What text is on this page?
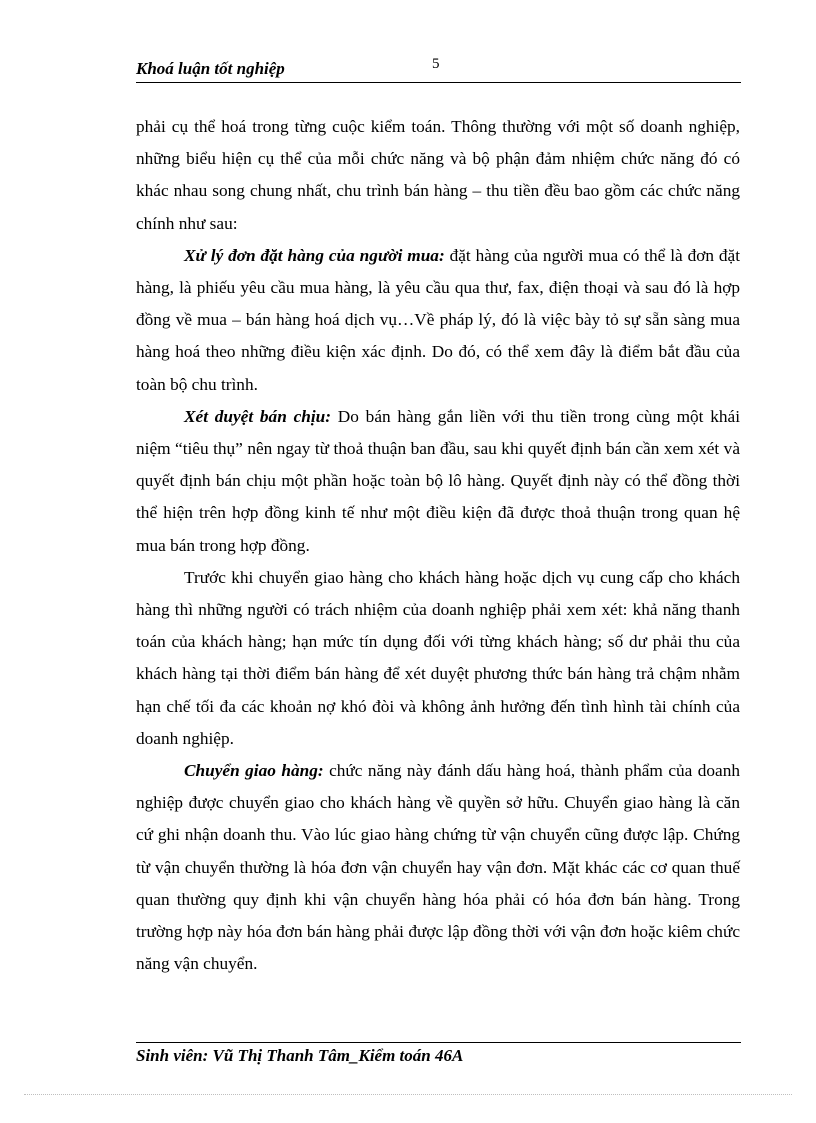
Khoá luận tốt nghiệp	5

phải cụ thể hoá trong từng cuộc kiểm toán. Thông thường với một số doanh nghiệp, những biểu hiện cụ thể của mỗi chức năng và bộ phận đảm nhiệm chức năng đó có khác nhau song chung nhất, chu trình bán hàng – thu tiền đều bao gồm các chức năng chính như sau:

Xử lý đơn đặt hàng của người mua: đặt hàng của người mua có thể là đơn đặt hàng, là phiếu yêu cầu mua hàng, là yêu cầu qua thư, fax, điện thoại và sau đó là hợp đồng về mua – bán hàng hoá dịch vụ…Về pháp lý, đó là việc bày tỏ sự sẵn sàng mua hàng hoá theo những điều kiện xác định. Do đó, có thể xem đây là điểm bắt đầu của toàn bộ chu trình.

Xét duyệt bán chịu: Do bán hàng gắn liền với thu tiền trong cùng một khái niệm “tiêu thụ” nên ngay từ thoả thuận ban đầu, sau khi quyết định bán cần xem xét và quyết định bán chịu một phần hoặc toàn bộ lô hàng. Quyết định này có thể đồng thời thể hiện trên hợp đồng kinh tế như một điều kiện đã được thoả thuận trong quan hệ mua bán trong hợp đồng.

Trước khi chuyển giao hàng cho khách hàng hoặc dịch vụ cung cấp cho khách hàng thì những người có trách nhiệm của doanh nghiệp phải xem xét: khả năng thanh toán của khách hàng; hạn mức tín dụng đối với từng khách hàng; số dư phải thu của khách hàng tại thời điểm bán hàng để xét duyệt phương thức bán hàng trả chậm nhằm hạn chế tối đa các khoản nợ khó đòi và không ảnh hưởng đến tình hình tài chính của doanh nghiệp.

Chuyển giao hàng: chức năng này đánh dấu hàng hoá, thành phẩm của doanh nghiệp được chuyển giao cho khách hàng về quyền sở hữu. Chuyển giao hàng là căn cứ ghi nhận doanh thu. Vào lúc giao hàng chứng từ vận chuyển cũng được lập. Chứng từ vận chuyển thường là hóa đơn vận chuyển hay vận đơn. Mặt khác các cơ quan thuế quan thường quy định khi vận chuyển hàng hóa phải có hóa đơn bán hàng. Trong trường hợp này hóa đơn bán hàng phải được lập đồng thời với vận đơn hoặc kiêm chức năng vận chuyển.

Sinh viên: Vũ Thị Thanh Tâm_Kiểm toán 46A
